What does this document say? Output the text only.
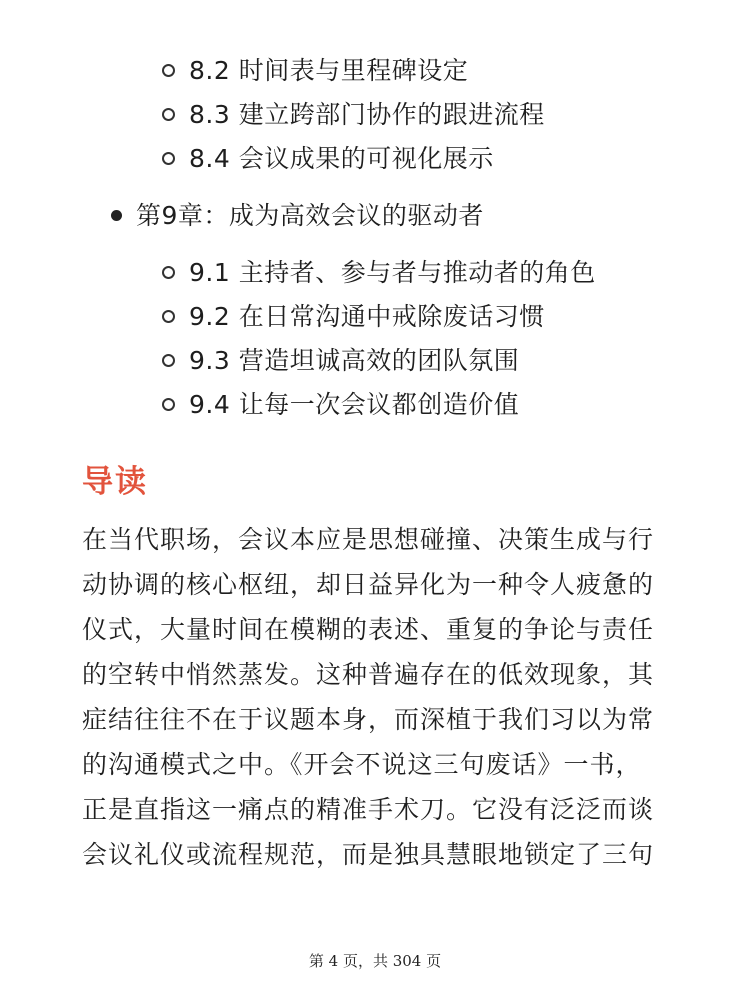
8.2 时间表与里程碑设定
8.3 建立跨部门协作的跟进流程
8.4 会议成果的可视化展示
第9章：成为高效会议的驱动者
9.1 主持者、参与者与推动者的角色
9.2 在日常沟通中戒除废话习惯
9.3 营造坦诚高效的团队氛围
9.4 让每一次会议都创造价值
导读
在当代职场，会议本应是思想碰撞、决策生成与行
动协调的核心枢纽，却日益异化为一种令人疲惫的
仪式，大量时间在模糊的表述、重复的争论与责任
的空转中悄然蒸发。这种普遍存在的低效现象，其
症结往往不在于议题本身，而深植于我们习以为常
的沟通模式之中。《开会不说这三句废话》一书，
正是直指这一痛点的精准手术刀。它没有泛泛而谈
会议礼仪或流程规范，而是独具慧眼地锁定了三句
第 4 页，共 304 页
